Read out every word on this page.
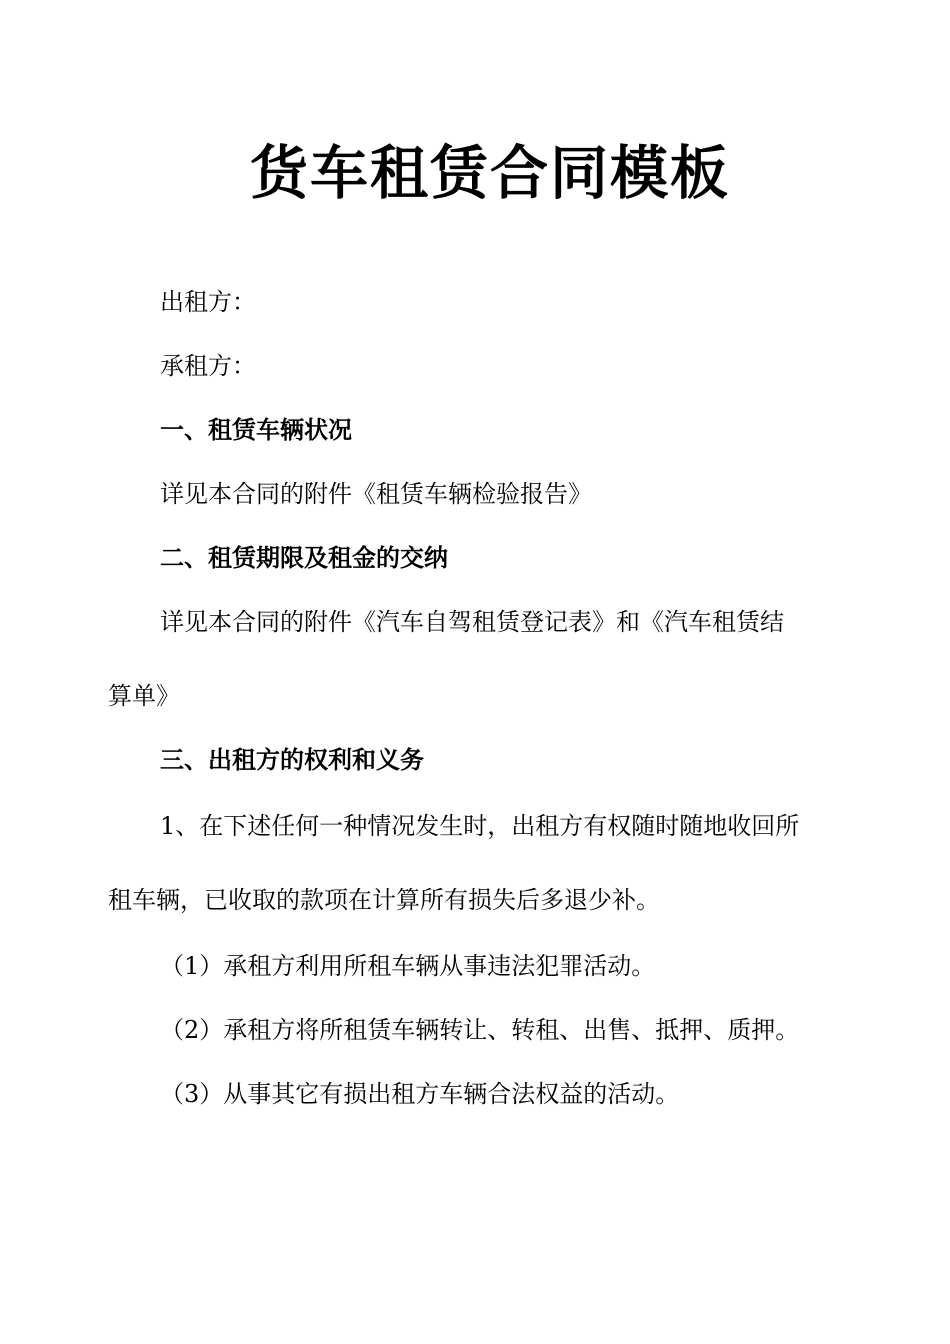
货车租赁合同模板

出租方：

承租方：

一、租赁车辆状况

详见本合同的附件《租赁车辆检验报告》

二、租赁期限及租金的交纳

详见本合同的附件《汽车自驾租赁登记表》和《汽车租赁结

算单》

三、出租方的权利和义务

1、在下述任何一种情况发生时，出租方有权随时随地收回所

租车辆，已收取的款项在计算所有损失后多退少补。

（1）承租方利用所租车辆从事违法犯罪活动。

（2）承租方将所租赁车辆转让、转租、出售、抵押、质押。

（3）从事其它有损出租方车辆合法权益的活动。
